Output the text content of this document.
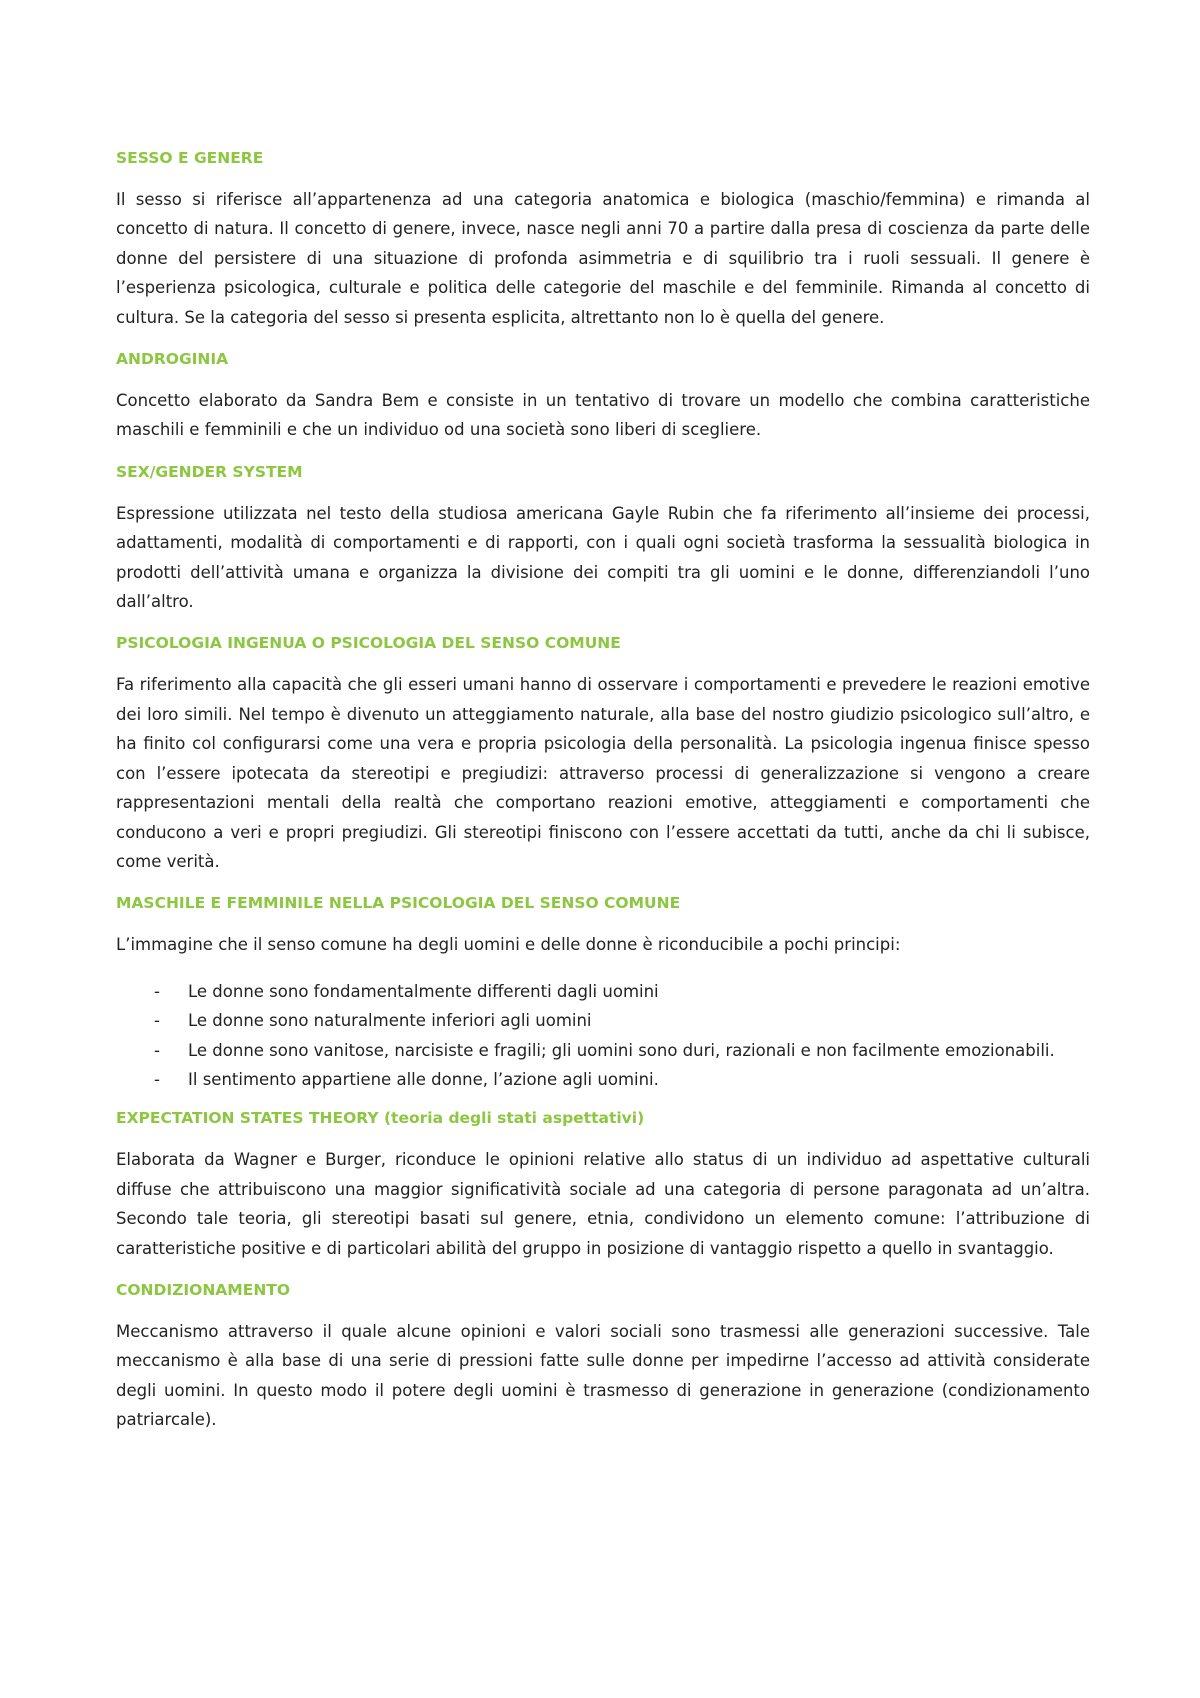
SESSO E GENERE

Il sesso si riferisce all’appartenenza ad una categoria anatomica e biologica (maschio/femmina) e rimanda al concetto di natura. Il concetto di genere, invece, nasce negli anni 70 a partire dalla presa di coscienza da parte delle donne del persistere di una situazione di profonda asimmetria e di squilibrio tra i ruoli sessuali. Il genere è l’esperienza psicologica, culturale e politica delle categorie del maschile e del femminile. Rimanda al concetto di cultura. Se la categoria del sesso si presenta esplicita, altrettanto non lo è quella del genere.

ANDROGINIA

Concetto elaborato da Sandra Bem e consiste in un tentativo di trovare un modello che combina caratteristiche maschili e femminili e che un individuo od una società sono liberi di scegliere.

SEX/GENDER SYSTEM

Espressione utilizzata nel testo della studiosa americana Gayle Rubin che fa riferimento all’insieme dei processi, adattamenti, modalità di comportamenti e di rapporti, con i quali ogni società trasforma la sessualità biologica in prodotti dell’attività umana e organizza la divisione dei compiti tra gli uomini e le donne, differenziandoli l’uno dall’altro.

PSICOLOGIA INGENUA O PSICOLOGIA DEL SENSO COMUNE

Fa riferimento alla capacità che gli esseri umani hanno di osservare i comportamenti e prevedere le reazioni emotive dei loro simili. Nel tempo è divenuto un atteggiamento naturale, alla base del nostro giudizio psicologico sull’altro, e ha finito col configurarsi come una vera e propria psicologia della personalità. La psicologia ingenua finisce spesso con l’essere ipotecata da stereotipi e pregiudizi: attraverso processi di generalizzazione si vengono a creare rappresentazioni mentali della realtà che comportano reazioni emotive, atteggiamenti e comportamenti che conducono a veri e propri pregiudizi. Gli stereotipi finiscono con l’essere accettati da tutti, anche da chi li subisce, come verità.

MASCHILE E FEMMINILE NELLA PSICOLOGIA DEL SENSO COMUNE

L’immagine che il senso comune ha degli uomini e delle donne è riconducibile a pochi principi:

- Le donne sono fondamentalmente differenti dagli uomini
- Le donne sono naturalmente inferiori agli uomini
- Le donne sono vanitose, narcisiste e fragili; gli uomini sono duri, razionali e non facilmente emozionabili.
- Il sentimento appartiene alle donne, l’azione agli uomini.
EXPECTATION STATES THEORY (teoria degli stati aspettativi)

Elaborata da Wagner e Burger, riconduce le opinioni relative allo status di un individuo ad aspettative culturali diffuse che attribuiscono una maggior significatività sociale ad una categoria di persone paragonata ad un’altra. Secondo tale teoria, gli stereotipi basati sul genere, etnia, condividono un elemento comune: l’attribuzione di caratteristiche positive e di particolari abilità del gruppo in posizione di vantaggio rispetto a quello in svantaggio.

CONDIZIONAMENTO

Meccanismo attraverso il quale alcune opinioni e valori sociali sono trasmessi alle generazioni successive. Tale meccanismo è alla base di una serie di pressioni fatte sulle donne per impedirne l’accesso ad attività considerate degli uomini. In questo modo il potere degli uomini è trasmesso di generazione in generazione (condizionamento patriarcale).
